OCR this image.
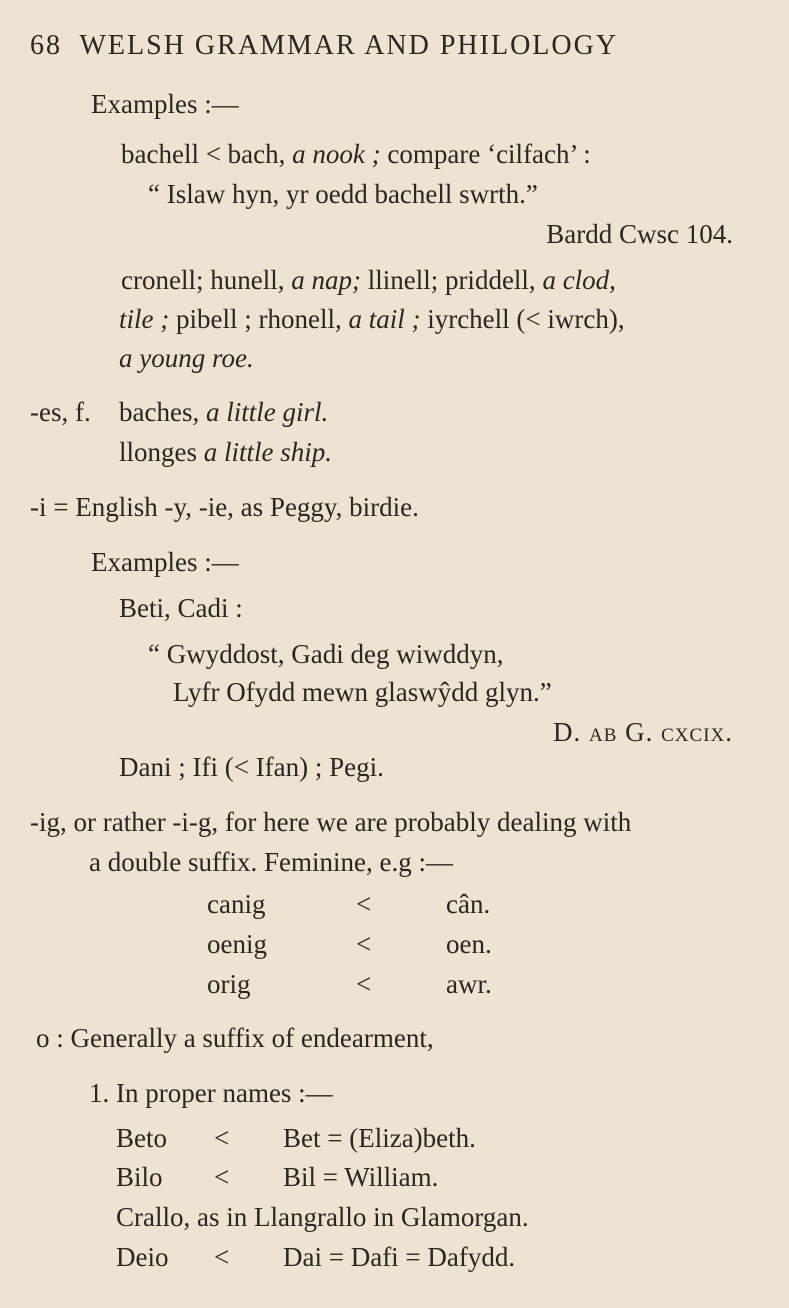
68 WELSH GRAMMAR AND PHILOLOGY
Examples :—
bachell < bach, a nook ; compare ‘cilfach’ :
“ Islaw hyn, yr oedd bachell swrth.”
Bardd Cwsc 104.
cronell; hunell, a nap; llinell; priddell, a clod,
tile ; pibell ; rhonell, a tail ; iyrchell (< iwrch),
a young roe.
-es, f. baches, a little girl.
llonges a little ship.
-i = English -y, -ie, as Peggy, birdie.
Examples :—
Beti, Cadi :
“ Gwyddost, Gadi deg wiwddyn,
Lyfr Ofydd mewn glaswŷdd glyn.”
D. ab G. cxcix.
Dani ; Ifi (< Ifan) ; Pegi.
-ig, or rather -i-g, for here we are probably dealing with
a double suffix. Feminine, e.g :—
canig	<	cân.
oenig	<	oen.
orig	<	awr.
o : Generally a suffix of endearment,
1. In proper names :—
Beto < Bet = (Eliza)beth.
Bilo < Bil = William.
Crallo, as in Llangrallo in Glamorgan.
Deio < Dai = Dafi = Dafydd.
